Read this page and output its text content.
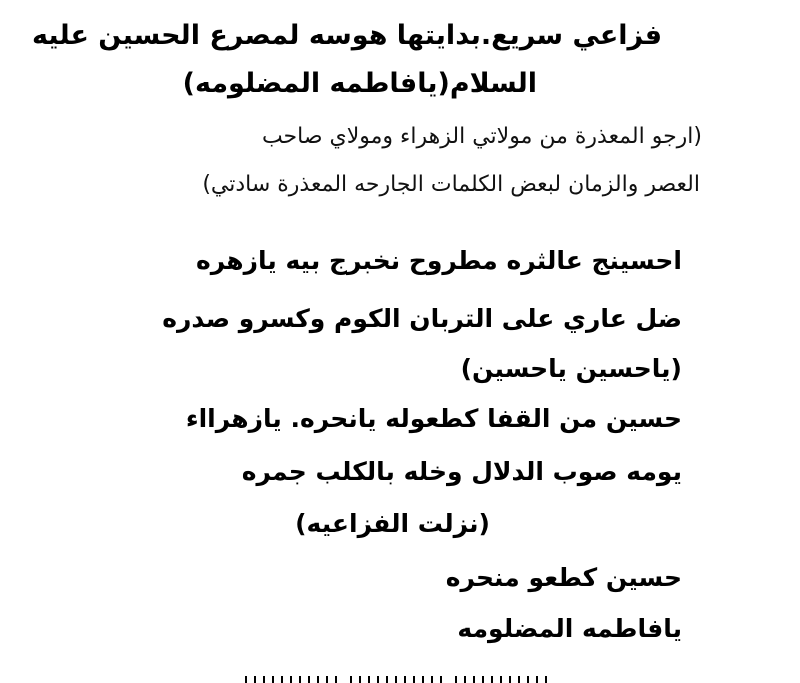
فزاعي سريع.بدايتها هوسه لمصرع الحسين عليه
السلام(يافاطمه المضلومه)
(ارجو المعذرة من مولاتي الزهراء ومولاي صاحب
العصر والزمان لبعض الكلمات الجارحه المعذرة سادتي)
احسينج عالثره مطروح نخبرج بيه يازهره
ضل عاري على التربان الكوم وكسرو صدره
(ياحسين ياحسين)
حسين من القفا كطعوله يانحره. يازهرااء
يومه صوب الدلال وخله بالكلب جمره
(نزلت الفزاعيه)
حسين كطعو منحره
يافاطمه المضلومه
